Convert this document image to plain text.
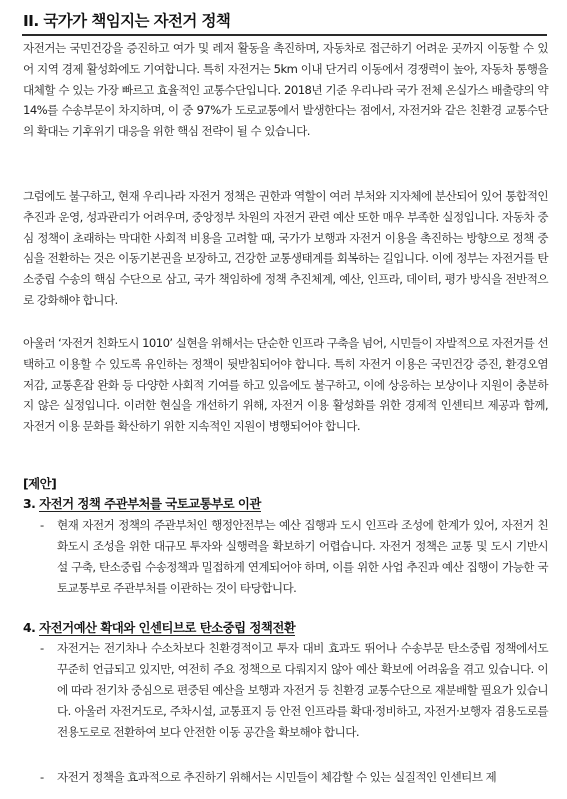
II. 국가가 책임지는 자전거 정책

자전거는 국민건강을 증진하고 여가 및 레저 활동을 촉진하며, 자동차로 접근하기 어려운 곳까지 이동할 수 있어 지역 경제 활성화에도 기여합니다. 특히 자전거는 5km 이내 단거리 이동에서 경쟁력이 높아, 자동차 통행을 대체할 수 있는 가장 빠르고 효율적인 교통수단입니다. 2018년 기준 우리나라 국가 전체 온실가스 배출량의 약 14%를 수송부문이 차지하며, 이 중 97%가 도로교통에서 발생한다는 점에서, 자전거와 같은 친환경 교통수단의 확대는 기후위기 대응을 위한 핵심 전략이 될 수 있습니다.

그럼에도 불구하고, 현재 우리나라 자전거 정책은 권한과 역할이 여러 부처와 지자체에 분산되어 있어 통합적인 추진과 운영, 성과관리가 어려우며, 중앙정부 차원의 자전거 관련 예산 또한 매우 부족한 실정입니다. 자동차 중심 정책이 초래하는 막대한 사회적 비용을 고려할 때, 국가가 보행과 자전거 이용을 촉진하는 방향으로 정책 중심을 전환하는 것은 이동기본권을 보장하고, 건강한 교통생태계를 회복하는 길입니다. 이에 정부는 자전거를 탄소중립 수송의 핵심 수단으로 삼고, 국가 책임하에 정책 추진체계, 예산, 인프라, 데이터, 평가 방식을 전반적으로 강화해야 합니다.

아울러 ‘자전거 친화도시 1010’ 실현을 위해서는 단순한 인프라 구축을 넘어, 시민들이 자발적으로 자전거를 선택하고 이용할 수 있도록 유인하는 정책이 뒷받침되어야 합니다. 특히 자전거 이용은 국민건강 증진, 환경오염 저감, 교통혼잡 완화 등 다양한 사회적 기여를 하고 있음에도 불구하고, 이에 상응하는 보상이나 지원이 충분하지 않은 실정입니다. 이러한 현실을 개선하기 위해, 자전거 이용 활성화를 위한 경제적 인센티브 제공과 함께, 자전거 이용 문화를 확산하기 위한 지속적인 지원이 병행되어야 합니다.

[제안]
3. 자전거 정책 주관부처를 국토교통부로 이관
- 현재 자전거 정책의 주관부처인 행정안전부는 예산 집행과 도시 인프라 조성에 한계가 있어, 자전거 친화도시 조성을 위한 대규모 투자와 실행력을 확보하기 어렵습니다. 자전거 정책은 교통 및 도시 기반시설 구축, 탄소중립 수송정책과 밀접하게 연계되어야 하며, 이를 위한 사업 추진과 예산 집행이 가능한 국토교통부로 주관부처를 이관하는 것이 타당합니다.
4. 자전거예산 확대와 인센티브로 탄소중립 정책전환
- 자전거는 전기차나 수소차보다 친환경적이고 투자 대비 효과도 뛰어나 수송부문 탄소중립 정책에서도 꾸준히 언급되고 있지만, 여전히 주요 정책으로 다뤄지지 않아 예산 확보에 어려움을 겪고 있습니다. 이에 따라 전기차 중심으로 편중된 예산을 보행과 자전거 등 친환경 교통수단으로 재분배할 필요가 있습니다. 아울러 자전거도로, 주차시설, 교통표지 등 안전 인프라를 확대·정비하고, 자전거·보행자 겸용도로를 전용도로로 전환하여 보다 안전한 이동 공간을 확보해야 합니다.
- 자전거 정책을 효과적으로 추진하기 위해서는 시민들이 체감할 수 있는 실질적인 인센티브 제
